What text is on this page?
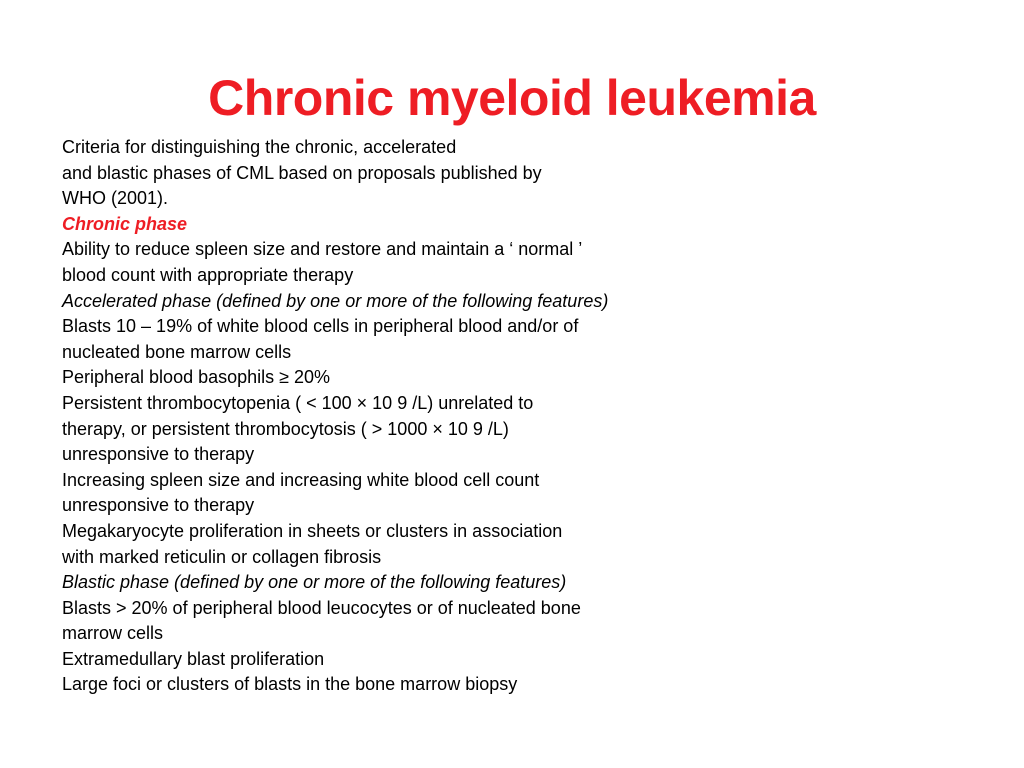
Chronic myeloid leukemia
Criteria for distinguishing the chronic, accelerated
and blastic phases of CML based on proposals published by
WHO (2001).
Chronic phase
Ability to reduce spleen size and restore and maintain a ‘ normal ’
blood count with appropriate therapy
Accelerated phase (defined by one or more of the following features)
Blasts 10 – 19% of white blood cells in peripheral blood and/or of
nucleated bone marrow cells
Peripheral blood basophils ≥ 20%
Persistent thrombocytopenia ( < 100 × 10 9 /L) unrelated to
therapy, or persistent thrombocytosis ( > 1000 × 10 9 /L)
unresponsive to therapy
Increasing spleen size and increasing white blood cell count
unresponsive to therapy
Megakaryocyte proliferation in sheets or clusters in association
with marked reticulin or collagen fibrosis
Blastic phase (defined by one or more of the following features)
Blasts > 20% of peripheral blood leucocytes or of nucleated bone
marrow cells
Extramedullary blast proliferation
Large foci or clusters of blasts in the bone marrow biopsy
